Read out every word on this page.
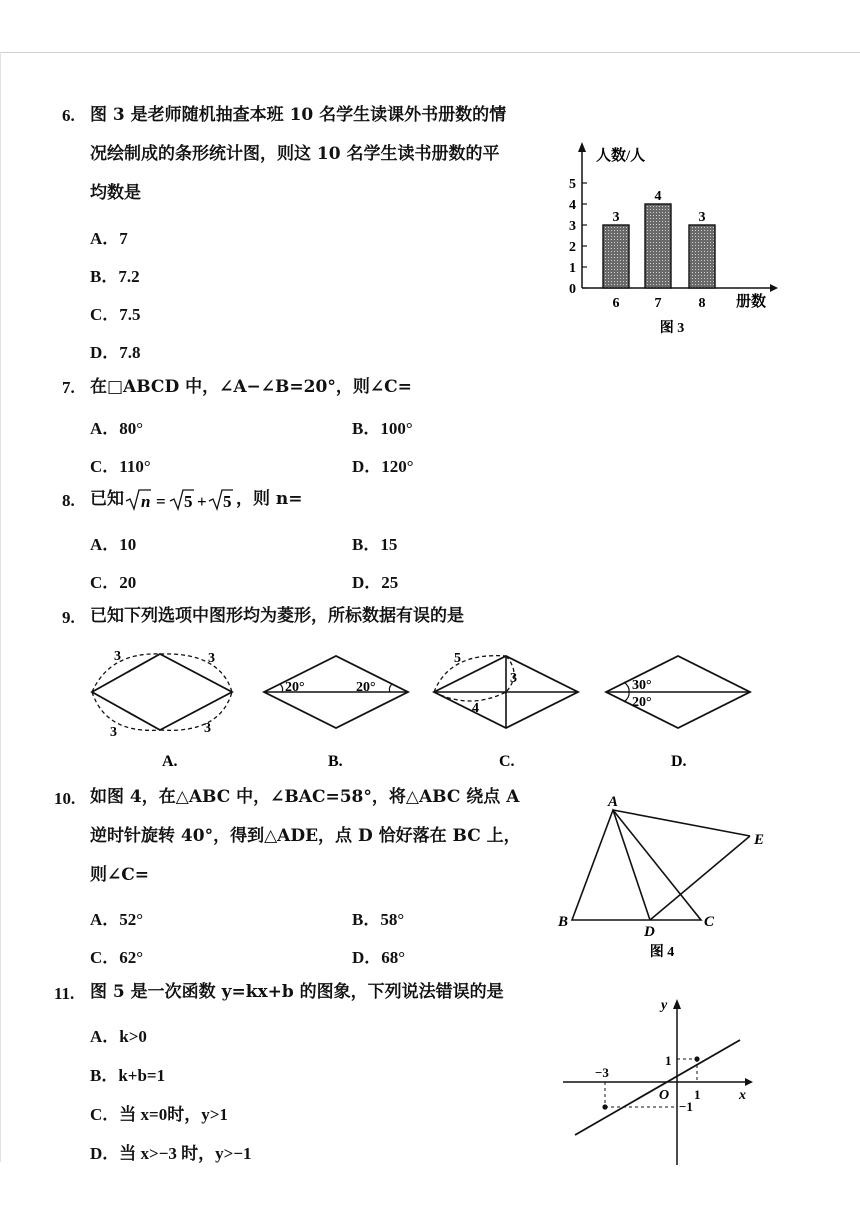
6. 图 3 是老师随机抽查本班 10 名学生读课外书册数的情
况绘制成的条形统计图，则这 10 名学生读书册数的平
均数是
A．7
B．7.2
C．7.5
D．7.8
0
1
2
3
4
5
3
6
4
7
3
8
人数/人
册数
图 3
7. 在□ABCD 中，∠A−∠B=20°，则∠C=
A．80°	B．100°
C．110°	D．120°
8. 已知 n = 5 + 5 ，则 n=
A．10	B．15
C．20	D．25
9. 已知下列选项中图形均为菱形，所标数据有误的是
3	3
3	3
A.
20°	20°
B.
5
3
4
C.
30°
20°
D.
10. 如图 4，在△ABC 中，∠BAC=58°，将△ABC 绕点 A
逆时针旋转 40°，得到△ADE，点 D 恰好落在 BC 上，
则∠C=
A．52°	B．58°
C．62°	D．68°
A
B	C
D
E
图 4
11. 图 5 是一次函数 y=kx+b 的图象，下列说法错误的是
A．k>0
B．k+b=1
C．当 x=0时，y>1
D．当 x>−3 时，y>−1
y
x
O
1
1
−3
−1
